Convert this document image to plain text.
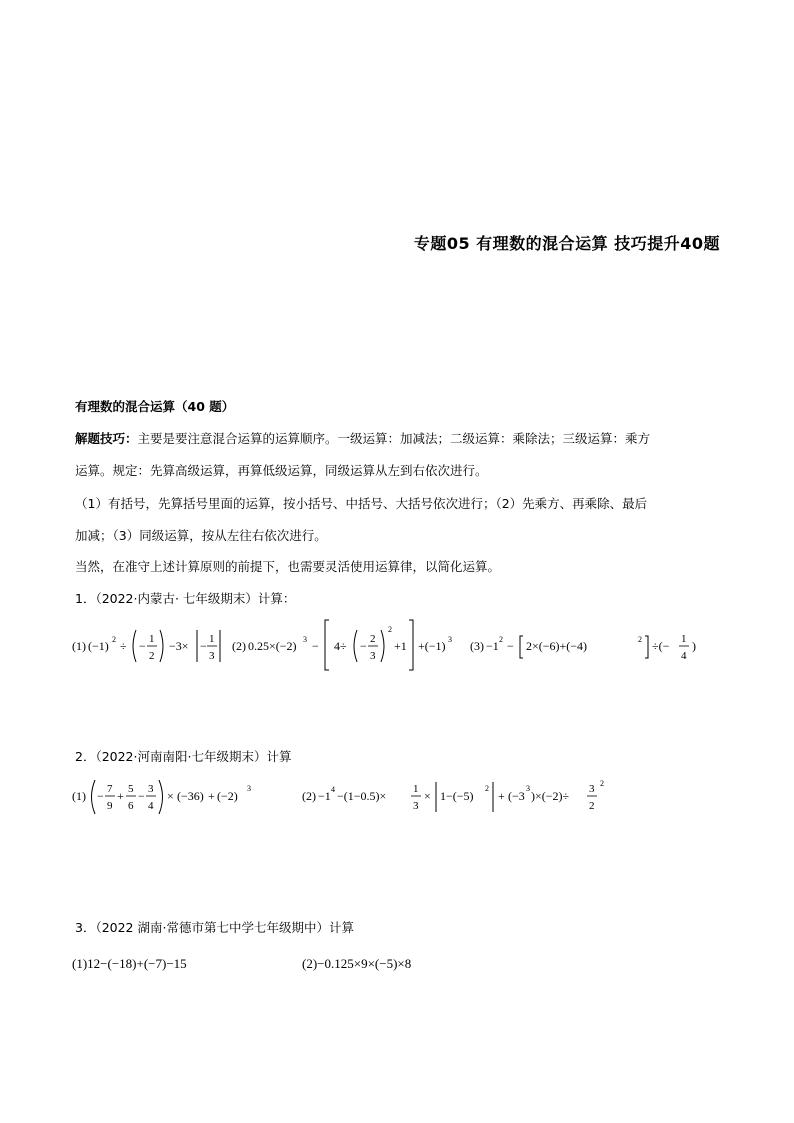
专题05 有理数的混合运算 技巧提升40题
有理数的混合运算（40 题）
解题技巧：主要是要注意混合运算的运算顺序。一级运算：加减法；二级运算：乘除法；三级运算：乘方
运算。规定：先算高级运算，再算低级运算，同级运算从左到右依次进行。
（1）有括号，先算括号里面的运算，按小括号、中括号、大括号依次进行；（2）先乘方、再乘除、最后
加减；（3）同级运算，按从左往右依次进行。
当然，在准守上述计算原则的前提下，也需要灵活使用运算律，以简化运算。
1．（2022·内蒙古· 七年级期末）计算：
(1) (−1) 2 ÷ − 1
2
−3× − 1
3
(2) 0.25×(−2) 3 − 4÷ − 2
3
2
+1 +(−1) 3 (3) −1 2 − 2×(−6)+(−4)	2 ÷(− 1
4
)
2．（2022·河南南阳·七年级期末）计算
(1) − 7
9
+ 5
6
− 3
4
× (−36) + (−2)
3
(2) −1 4 −(1−0.5)× 1
3
× 1−(−5)
2
+ (−3
3
)×(−2)÷ 3
2
2
3．（2022 湖南·常德市第七中学七年级期中）计算
(1)12−(−18)+(−7)−15	(2)−0.125×9×(−5)×8
